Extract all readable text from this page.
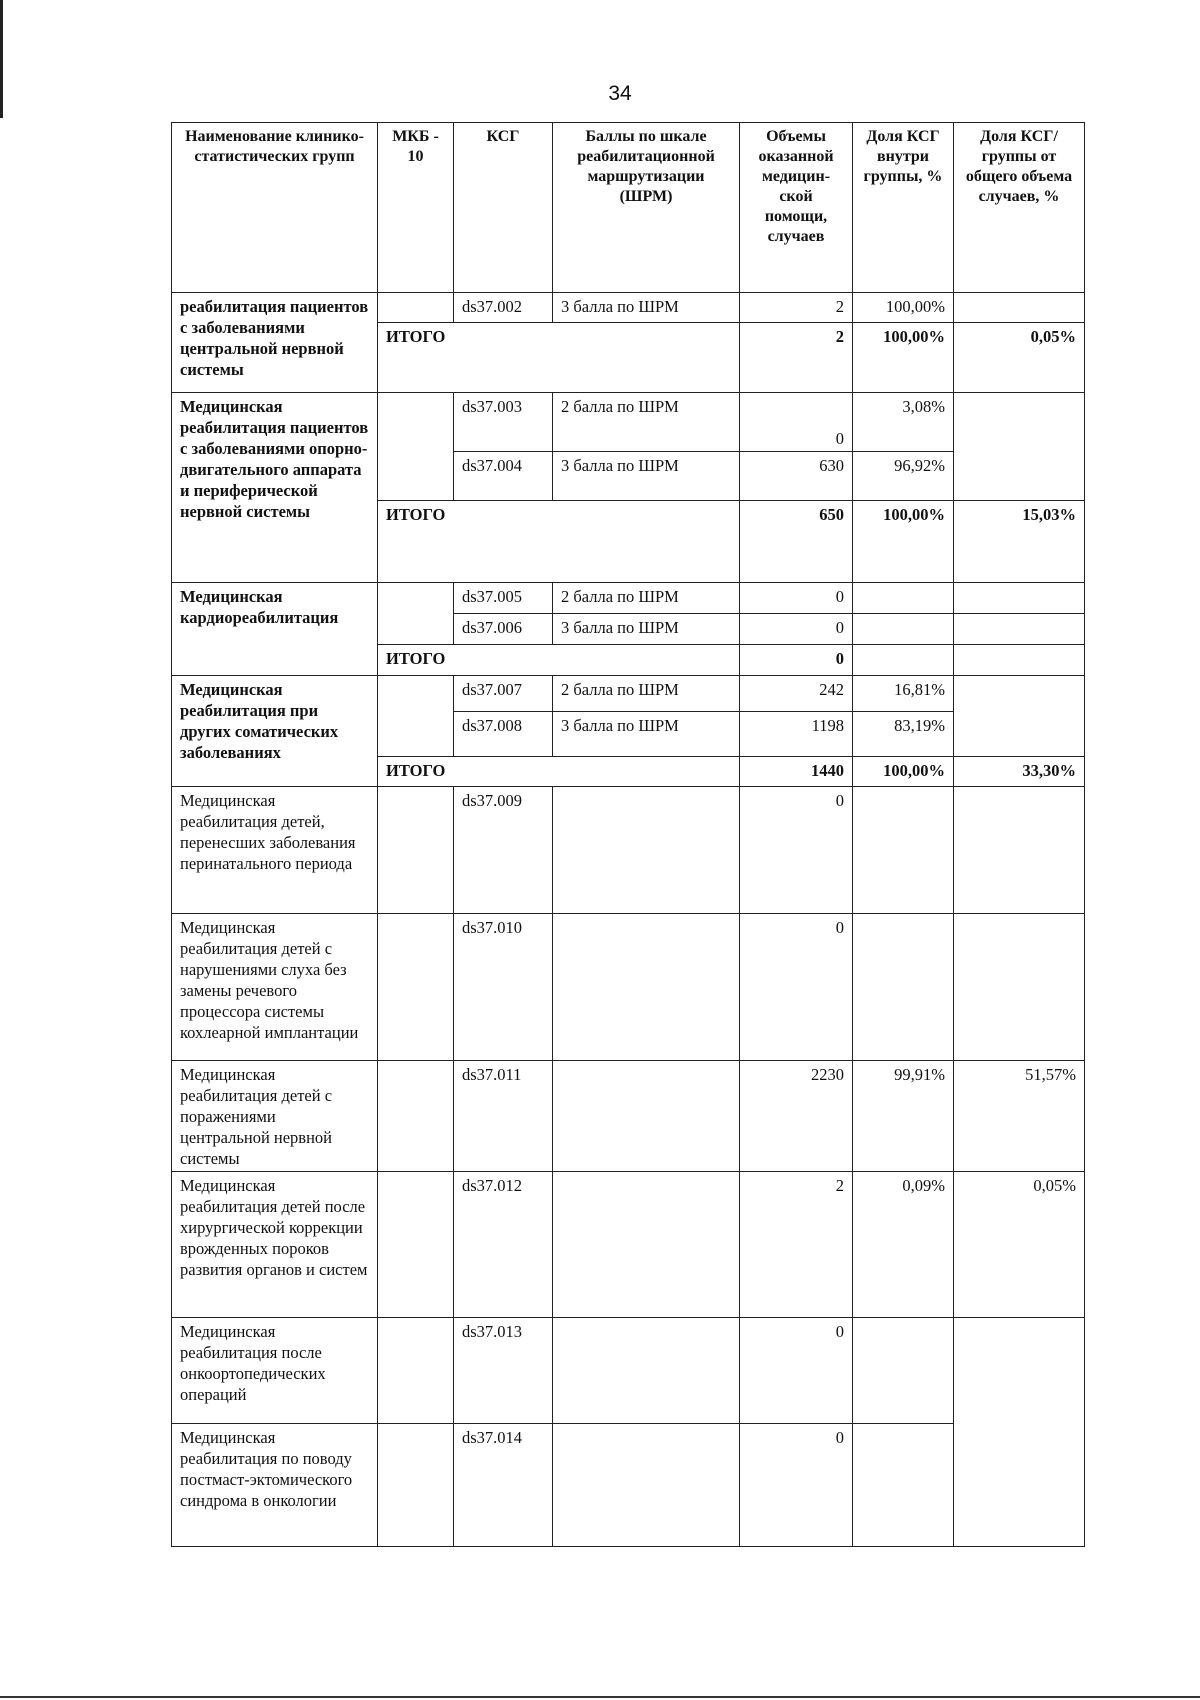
34
Наименование клинико-статистических групп	МКБ - 10	КСГ	Баллы по шкале реабилитационной маршрутизации (ШРМ)	Объемы оказанной медицин-ской помощи, случаев	Доля КСГ внутри группы, %	Доля КСГ/группы от общего объема случаев, %
реабилитация пациентов с заболеваниями центральной нервной системы		ds37.002	3 балла по ШРМ	2	100,00%	
	ИТОГО			2	100,00%	0,05%
Медицинская реабилитация пациентов с заболеваниями опорно-двигательного аппарата и периферической нервной системы		ds37.003	2 балла по ШРМ	0	3,08%	
		ds37.004	3 балла по ШРМ	630	96,92%	
	ИТОГО			650	100,00%	15,03%
Медицинская кардиореабилитация		ds37.005	2 балла по ШРМ	0		
		ds37.006	3 балла по ШРМ	0		
	ИТОГО			0		
Медицинская реабилитация при других соматических заболеваниях		ds37.007	2 балла по ШРМ	242	16,81%	
		ds37.008	3 балла по ШРМ	1198	83,19%	
	ИТОГО			1440	100,00%	33,30%
Медицинская реабилитация детей, перенесших заболевания перинатального периода		ds37.009		0		
Медицинская реабилитация детей с нарушениями слуха без замены речевого процессора системы кохлеарной имплантации		ds37.010		0		
Медицинская реабилитация детей с поражениями центральной нервной системы		ds37.011		2230	99,91%	51,57%
Медицинская реабилитация детей после хирургической коррекции врожденных пороков развития органов и систем		ds37.012		2	0,09%	0,05%
Медицинская реабилитация после онкоортопедических операций		ds37.013		0		
Медицинская реабилитация по поводу постмаст-эктомического синдрома в онкологии		ds37.014		0		
